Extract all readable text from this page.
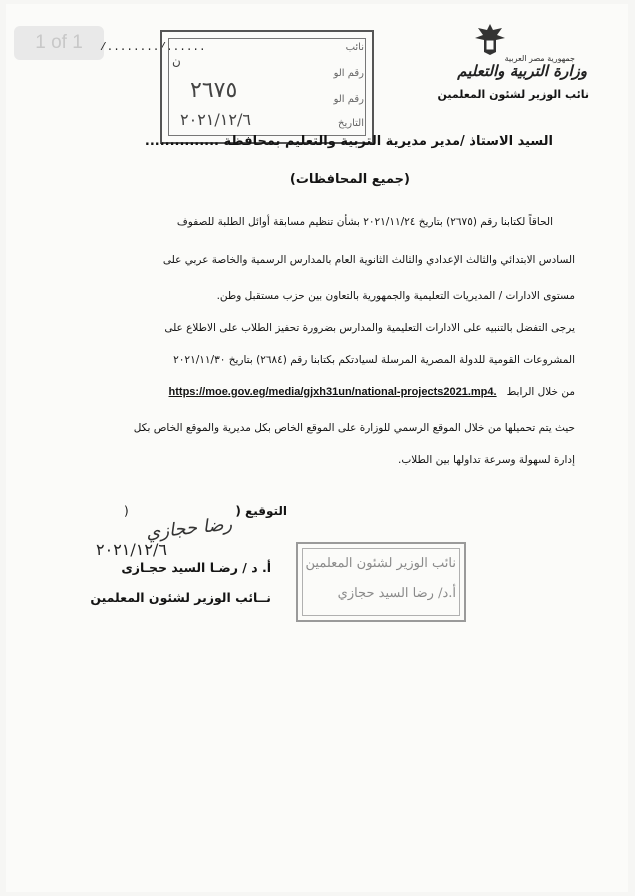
1 of 1	/......../......	نائب
رقم الو
رقم الو
التاريخ
ن
٢٦٧٥
٢٠٢١/١٢/٦
جمهورية مصر العربية
وزارة التربية والتعليم
نائب الوزير لشئون المعلمين
السيد الاستاذ /مدير مديرية التربية والتعليم بمحافظة ...............
(جميع المحافظات)
الحاقاً لكتابنا رقم (٢٦٧٥) بتاريخ ٢٠٢١/١١/٢٤ بشأن تنظيم مسابقة أوائل الطلبة للصفوف
السادس الابتدائي والثالث الإعدادي والثالث الثانوية العام بالمدارس الرسمية والخاصة عربي على
مستوى الادارات / المديريات التعليمية والجمهورية بالتعاون بين حزب مستقبل وطن.
يرجى التفضل بالتنبيه على الادارات التعليمية والمدارس بضرورة تحفيز الطلاب على الاطلاع على
المشروعات القومية للدولة المصرية المرسلة لسيادتكم بكتابنا رقم (٢٦٨٤) بتاريخ ٢٠٢١/١١/٣٠
من خلال الرابط   https://moe.gov.eg/media/gjxh31un/national-projects2021.mp4.
حيث يتم تحميلها من خلال الموقع الرسمي للوزارة على الموقع الخاص بكل مديرية والموقع الخاص بكل
إدارة لسهولة وسرعة تداولها بين الطلاب.
التوقيع (
)
رضا حجازي
٢٠٢١/١٢/٦
أ. د / رضـا السيد حجـازى
نــائب الوزير لشئون المعلمين
نائب الوزير لشئون المعلمين
أ.د/ رضا السيد حجازي
